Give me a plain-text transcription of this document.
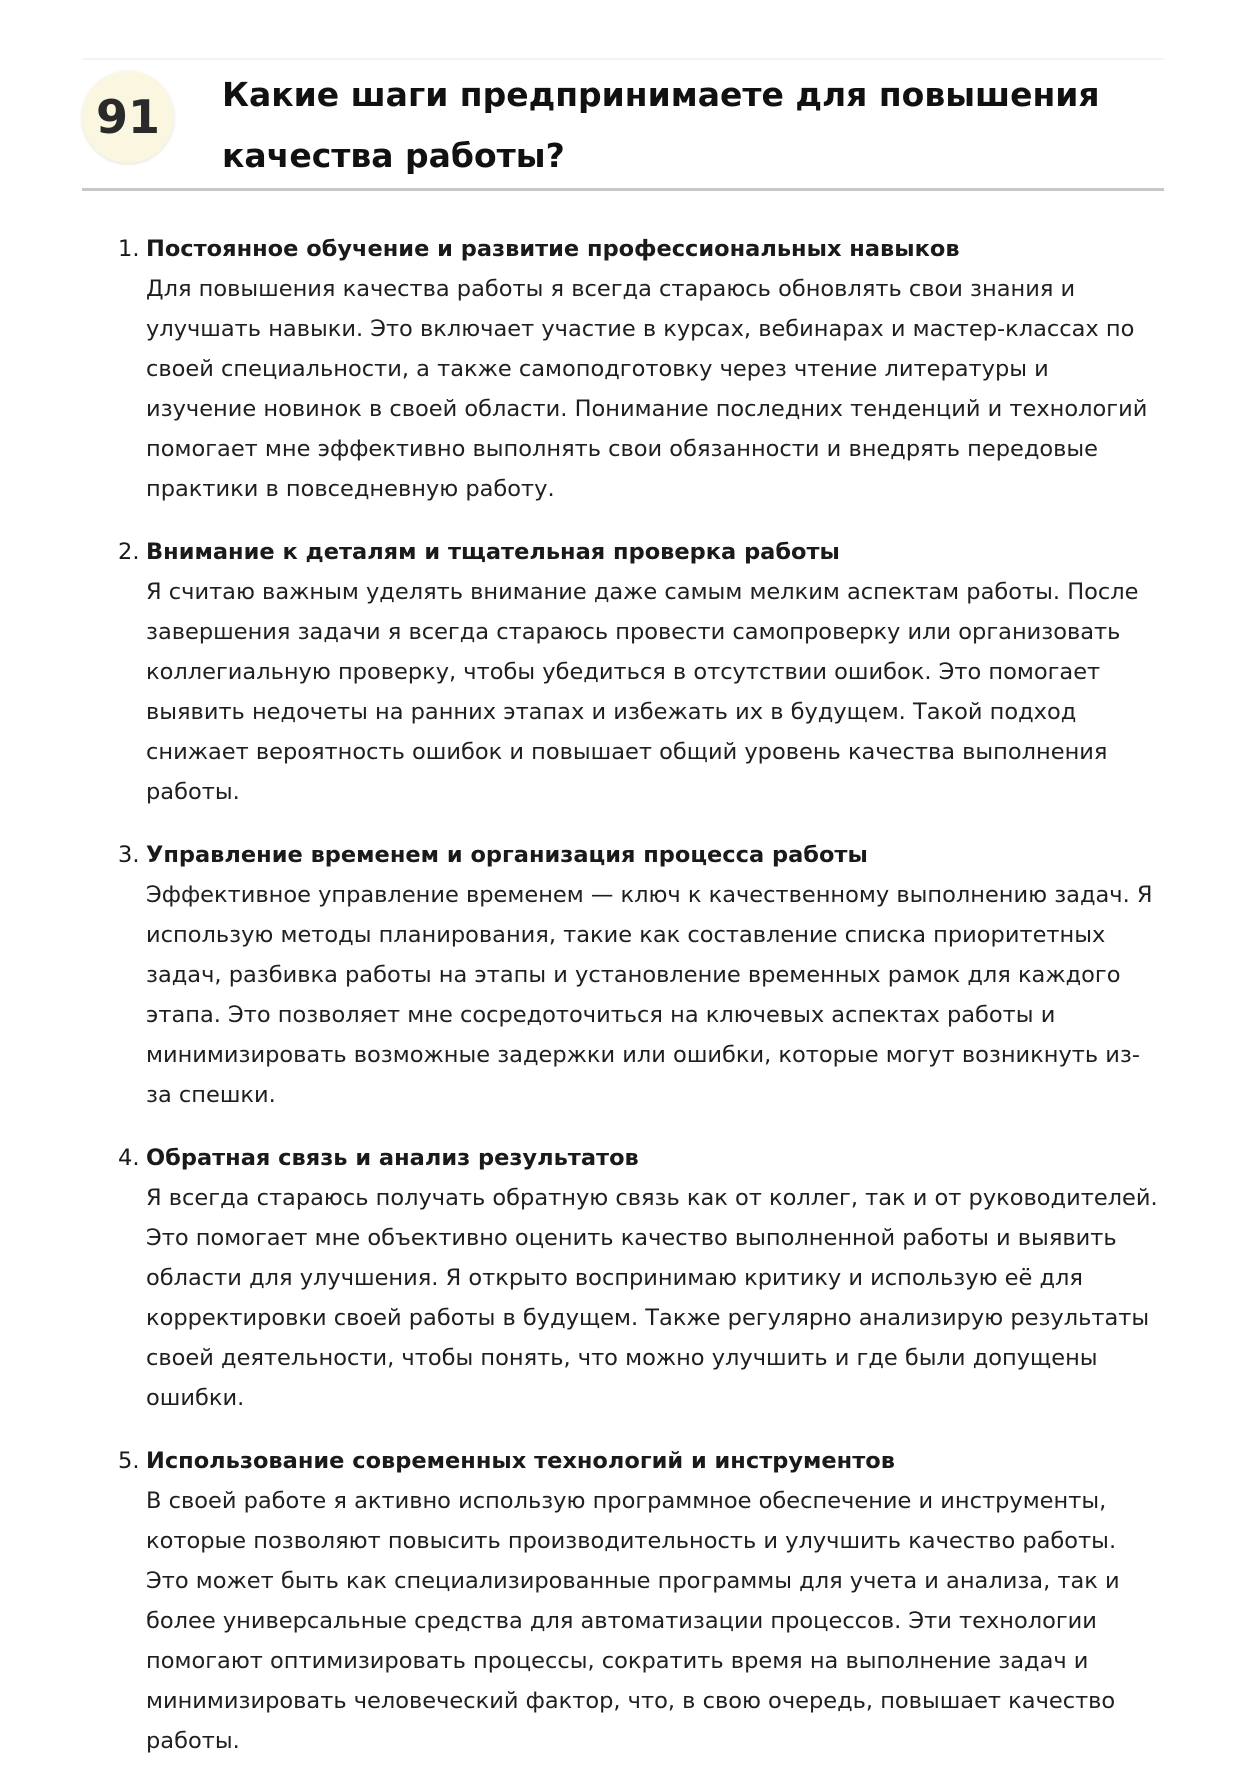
91	Какие шаги предпринимаете для повышения качества работы?
1. Постоянное обучение и развитие профессиональных навыков
Для повышения качества работы я всегда стараюсь обновлять свои знания и улучшать навыки. Это включает участие в курсах, вебинарах и мастер-классах по своей специальности, а также самоподготовку через чтение литературы и изучение новинок в своей области. Понимание последних тенденций и технологий помогает мне эффективно выполнять свои обязанности и внедрять передовые практики в повседневную работу.
2. Внимание к деталям и тщательная проверка работы
Я считаю важным уделять внимание даже самым мелким аспектам работы. После завершения задачи я всегда стараюсь провести самопроверку или организовать коллегиальную проверку, чтобы убедиться в отсутствии ошибок. Это помогает выявить недочеты на ранних этапах и избежать их в будущем. Такой подход снижает вероятность ошибок и повышает общий уровень качества выполнения работы.
3. Управление временем и организация процесса работы
Эффективное управление временем — ключ к качественному выполнению задач. Я использую методы планирования, такие как составление списка приоритетных задач, разбивка работы на этапы и установление временных рамок для каждого этапа. Это позволяет мне сосредоточиться на ключевых аспектах работы и минимизировать возможные задержки или ошибки, которые могут возникнуть из-за спешки.
4. Обратная связь и анализ результатов
Я всегда стараюсь получать обратную связь как от коллег, так и от руководителей. Это помогает мне объективно оценить качество выполненной работы и выявить области для улучшения. Я открыто воспринимаю критику и использую её для корректировки своей работы в будущем. Также регулярно анализирую результаты своей деятельности, чтобы понять, что можно улучшить и где были допущены ошибки.
5. Использование современных технологий и инструментов
В своей работе я активно использую программное обеспечение и инструменты, которые позволяют повысить производительность и улучшить качество работы. Это может быть как специализированные программы для учета и анализа, так и более универсальные средства для автоматизации процессов. Эти технологии помогают оптимизировать процессы, сократить время на выполнение задач и минимизировать человеческий фактор, что, в свою очередь, повышает качество работы.
